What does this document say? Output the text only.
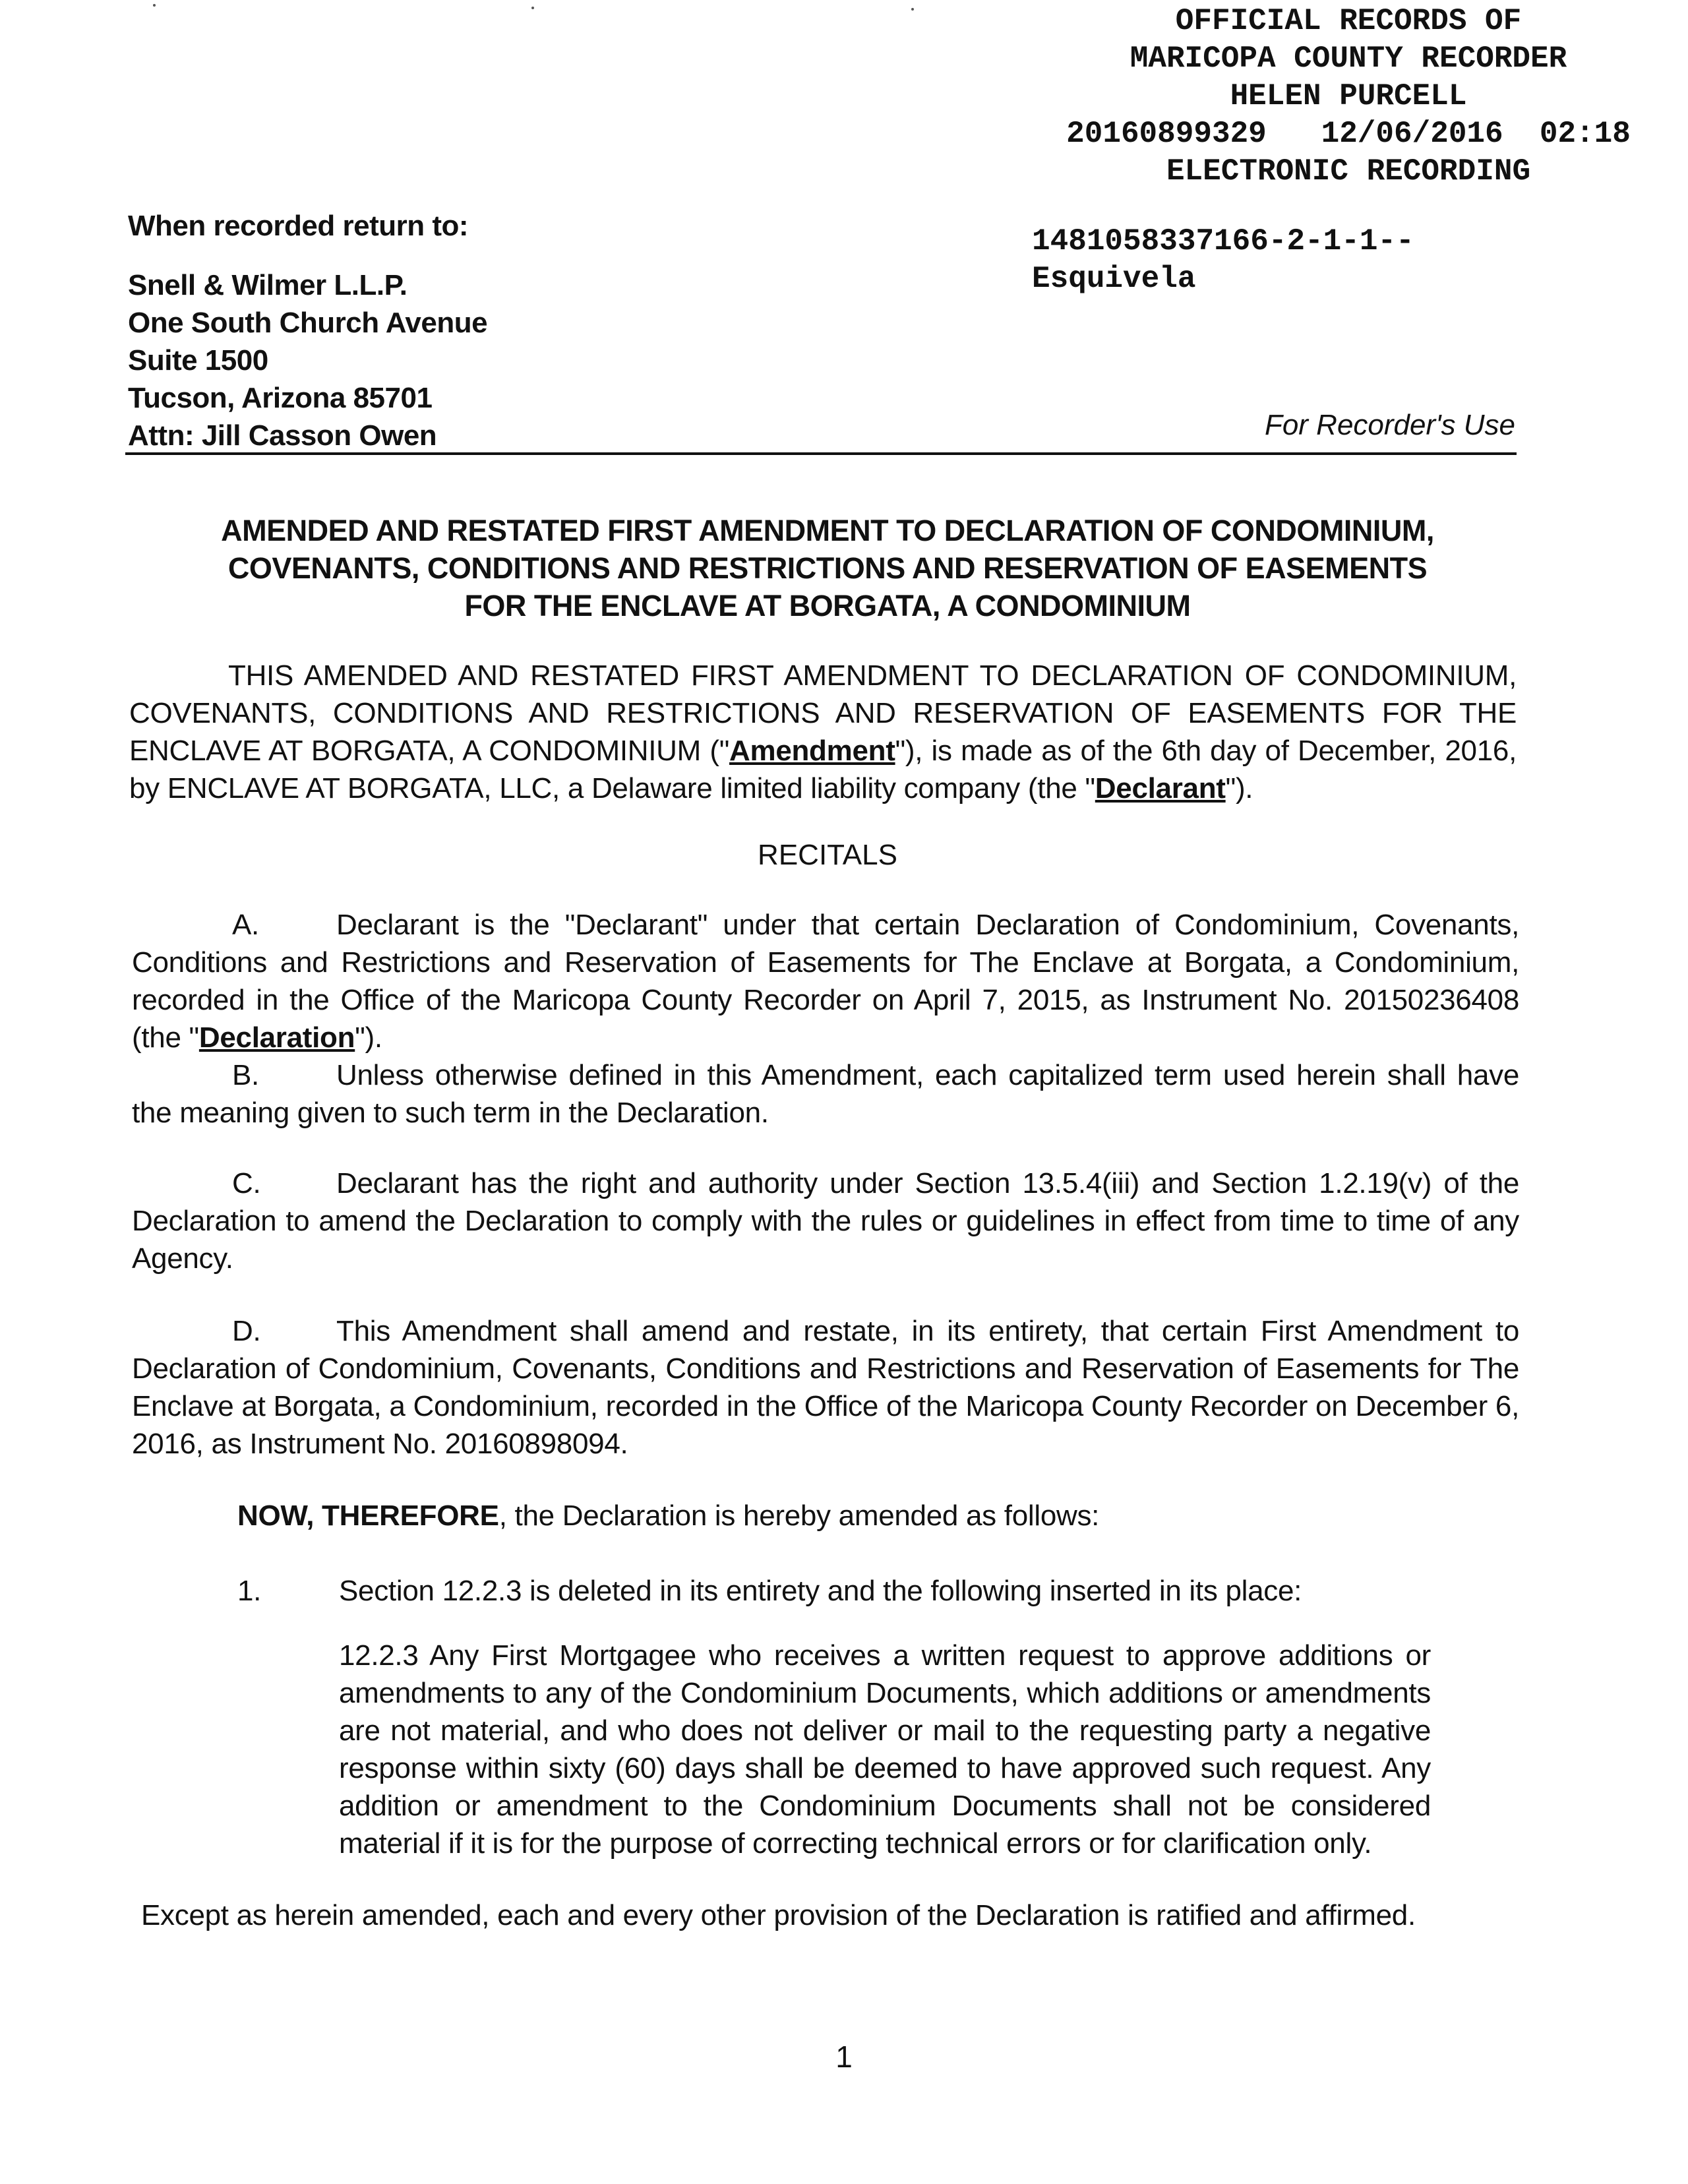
OFFICIAL RECORDS OF
MARICOPA COUNTY RECORDER
HELEN PURCELL
20160899329   12/06/2016  02:18
ELECTRONIC RECORDING
1481058337166-2-1-1--
Esquivela
When recorded return to:
Snell & Wilmer L.L.P.
One South Church Avenue
Suite 1500
Tucson, Arizona 85701
Attn: Jill Casson Owen	For Recorder's Use
AMENDED AND RESTATED FIRST AMENDMENT TO DECLARATION OF CONDOMINIUM,
COVENANTS, CONDITIONS AND RESTRICTIONS AND RESERVATION OF EASEMENTS
FOR THE ENCLAVE AT BORGATA, A CONDOMINIUM
THIS AMENDED AND RESTATED FIRST AMENDMENT TO DECLARATION OF CONDOMINIUM, COVENANTS, CONDITIONS AND RESTRICTIONS AND RESERVATION OF EASEMENTS FOR THE ENCLAVE AT BORGATA, A CONDOMINIUM ("Amendment"), is made as of the 6th day of December, 2016, by ENCLAVE AT BORGATA, LLC, a Delaware limited liability company (the "Declarant").
RECITALS
A.	Declarant is the "Declarant" under that certain Declaration of Condominium, Covenants, Conditions and Restrictions and Reservation of Easements for The Enclave at Borgata, a Condominium, recorded in the Office of the Maricopa County Recorder on April 7, 2015, as Instrument No. 20150236408 (the "Declaration").
B.	Unless otherwise defined in this Amendment, each capitalized term used herein shall have the meaning given to such term in the Declaration.
C.	Declarant has the right and authority under Section 13.5.4(iii) and Section 1.2.19(v) of the Declaration to amend the Declaration to comply with the rules or guidelines in effect from time to time of any Agency.
D.	This Amendment shall amend and restate, in its entirety, that certain First Amendment to Declaration of Condominium, Covenants, Conditions and Restrictions and Reservation of Easements for The Enclave at Borgata, a Condominium, recorded in the Office of the Maricopa County Recorder on December 6, 2016, as Instrument No. 20160898094.
NOW, THEREFORE, the Declaration is hereby amended as follows:
1.	Section 12.2.3 is deleted in its entirety and the following inserted in its place:
12.2.3 Any First Mortgagee who receives a written request to approve additions or amendments to any of the Condominium Documents, which additions or amendments are not material, and who does not deliver or mail to the requesting party a negative response within sixty (60) days shall be deemed to have approved such request. Any addition or amendment to the Condominium Documents shall not be considered material if it is for the purpose of correcting technical errors or for clarification only.
Except as herein amended, each and every other provision of the Declaration is ratified and affirmed.
1
